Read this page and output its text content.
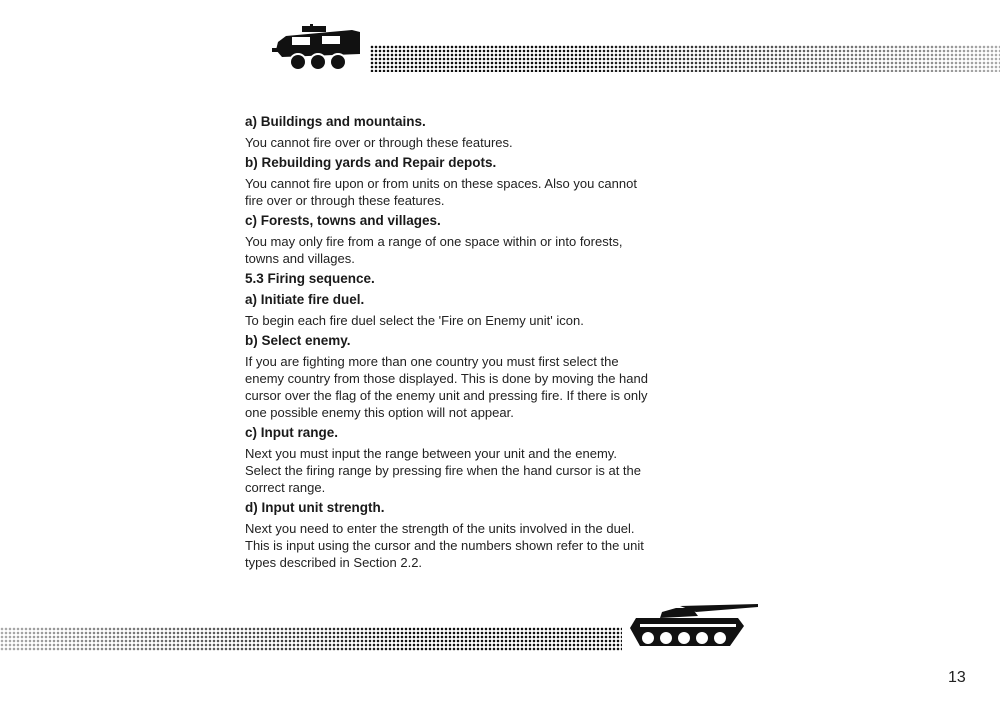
a) Buildings and mountains.
You cannot fire over or through these features.
b) Rebuilding yards and Repair depots.
You cannot fire upon or from units on these spaces. Also you cannot
fire over or through these features.
c) Forests, towns and villages.
You may only fire from a range of one space within or into forests,
towns and villages.
5.3 Firing sequence.
a) Initiate fire duel.
To begin each fire duel select the 'Fire on Enemy unit' icon.
b) Select enemy.
If you are fighting more than one country you must first select the
enemy country from those displayed. This is done by moving the hand
cursor over the flag of the enemy unit and pressing fire. If there is only
one possible enemy this option will not appear.
c) Input range.
Next you must input the range between your unit and the enemy.
Select the firing range by pressing fire when the hand cursor is at the
correct range.
d) Input unit strength.
Next you need to enter the strength of the units involved in the duel.
This is input using the cursor and the numbers shown refer to the unit
types described in Section 2.2.
13
